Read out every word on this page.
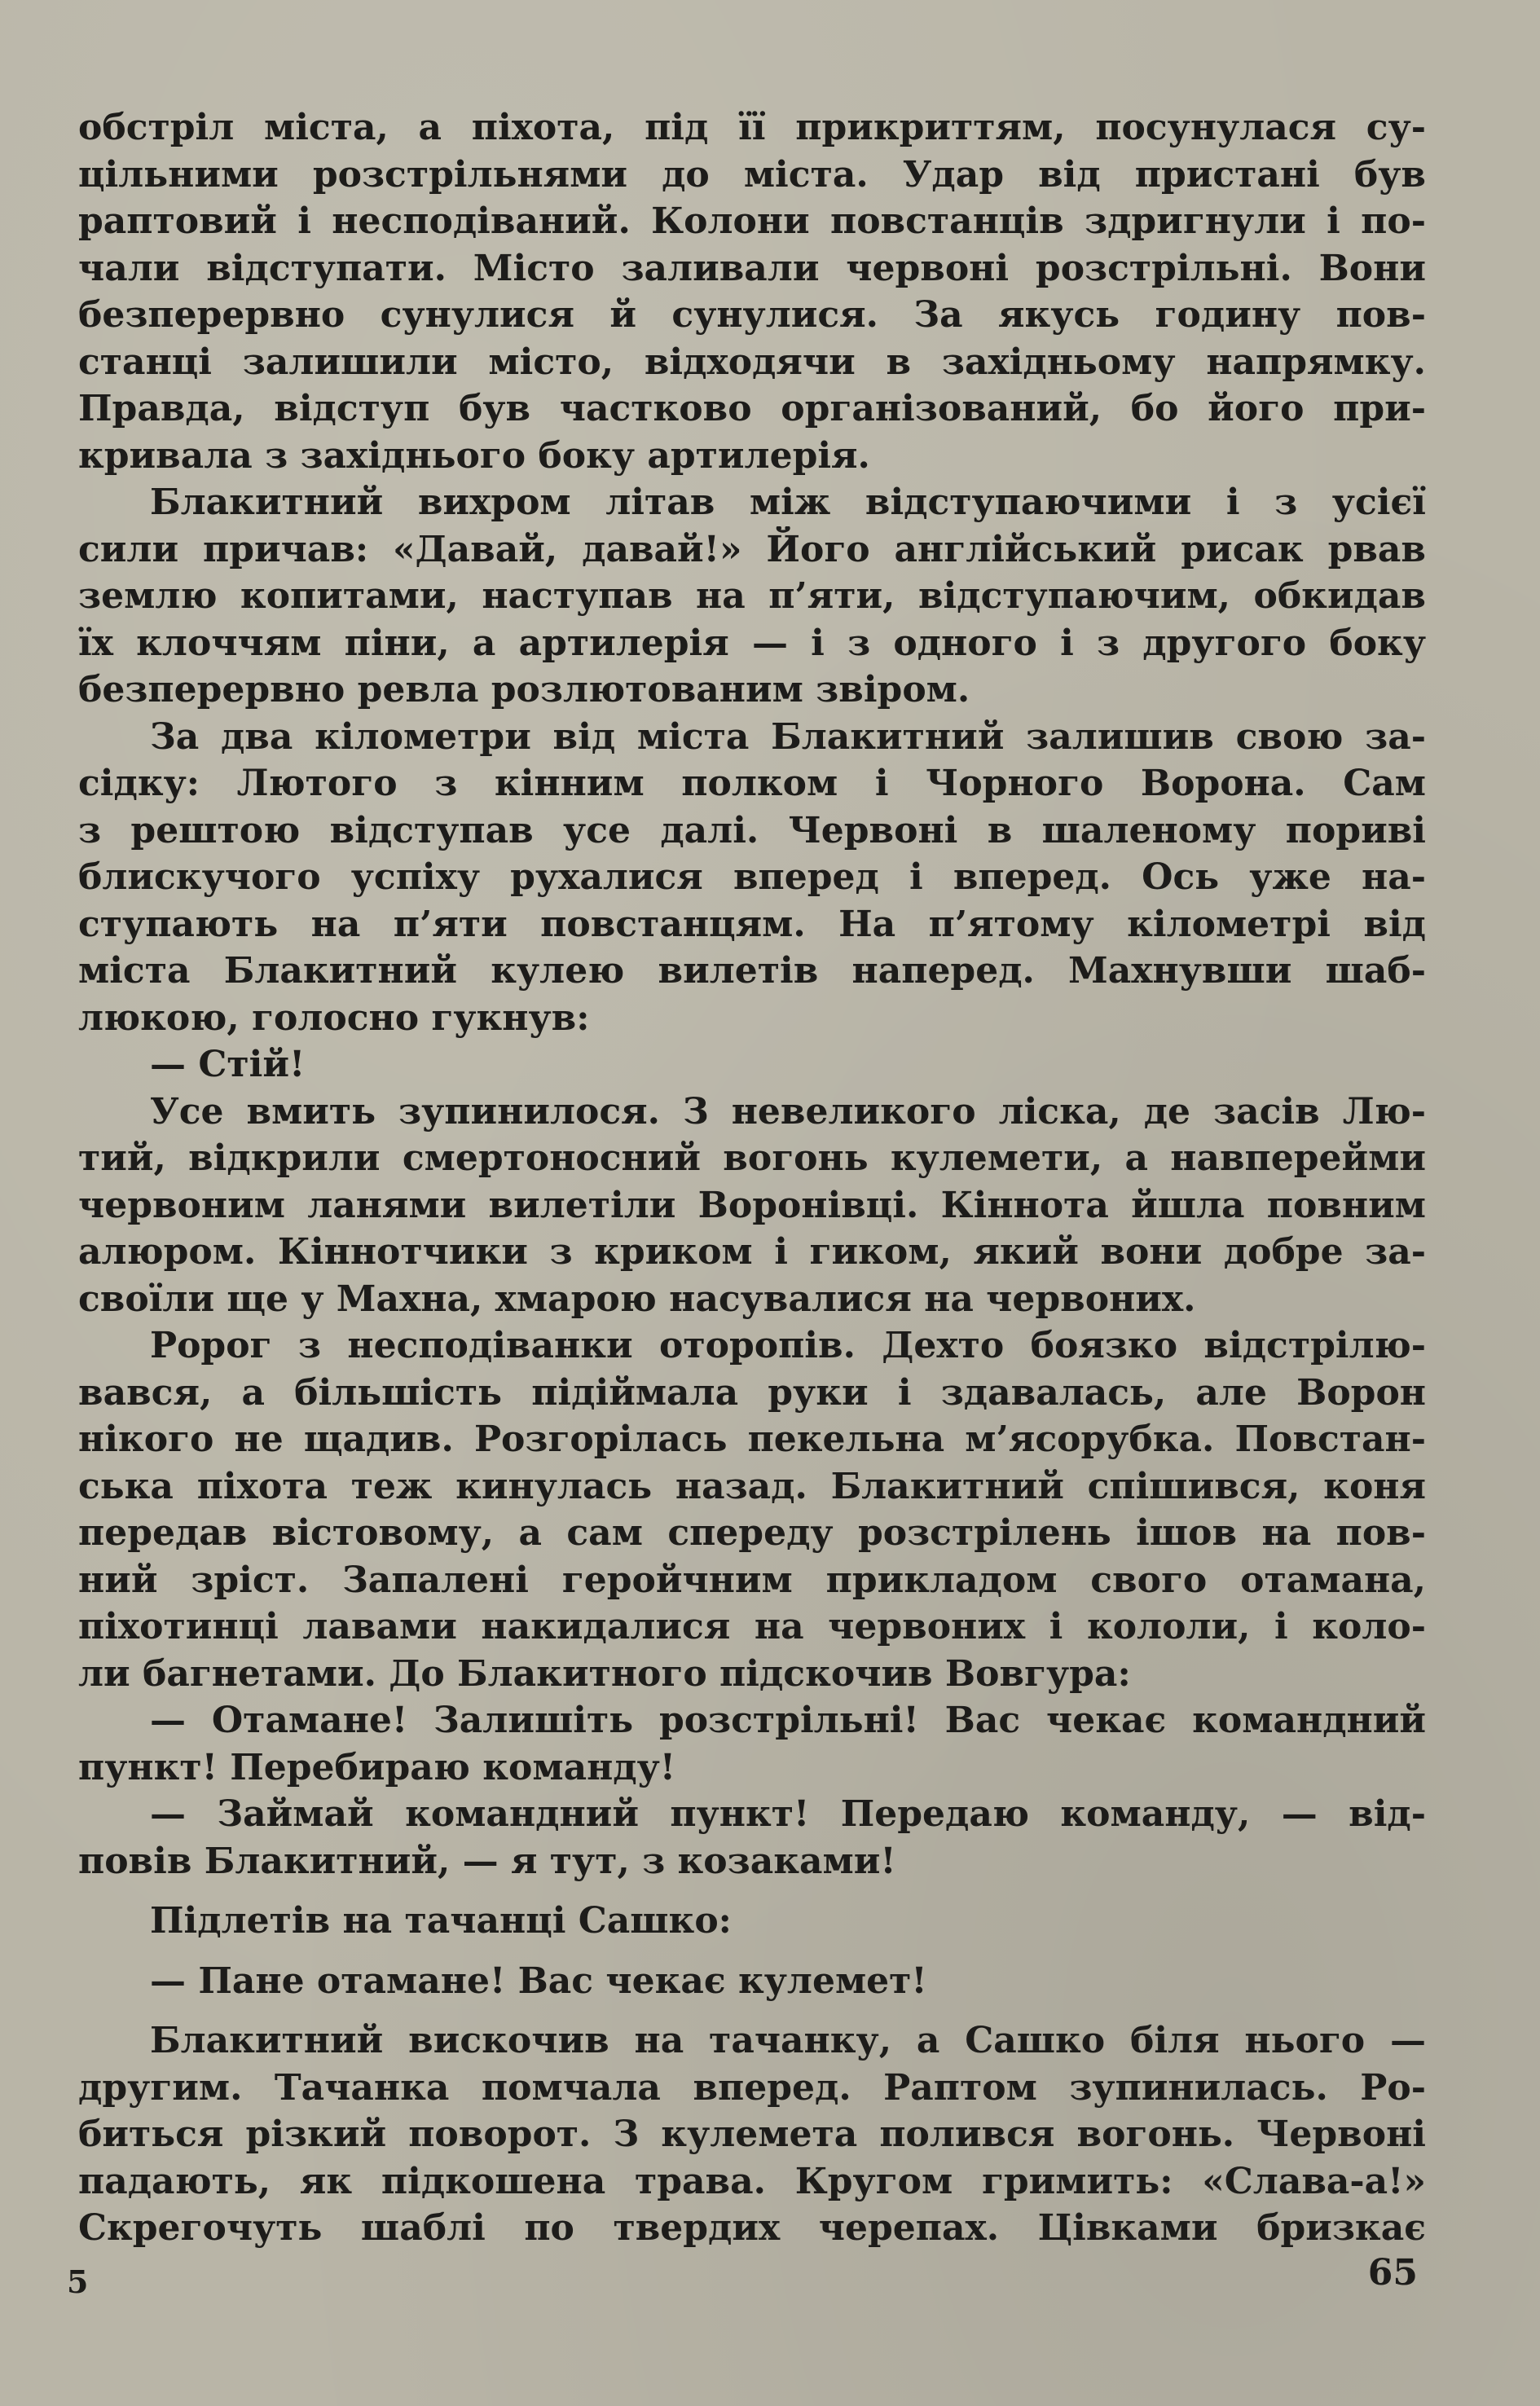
обстріл міста, а піхота, під її прикриттям, посунулася су-
цільними розстрільнями до міста. Удар від пристані був
раптовий і несподіваний. Колони повстанців здригнули і по-
чали відступати. Місто заливали червоні розстрільні. Вони
безперервно сунулися й сунулися. За якусь годину пов-
станці залишили місто, відходячи в західньому напрямку.
Правда, відступ був частково організований, бо його при-
кривала з західнього боку артилерія.
Блакитний вихром літав між відступаючими і з усієї
сили причав: «Давай, давай!» Його англійський рисак рвав
землю копитами, наступав на п’яти, відступаючим, обкидав
їх клоччям піни, а артилерія — і з одного і з другого боку
безперервно ревла розлютованим звіром.
За два кілометри від міста Блакитний залишив свою за-
сідку: Лютого з кінним полком і Чорного Ворона. Сам
з рештою відступав усе далі. Червоні в шаленому пориві
блискучого успіху рухалися вперед і вперед. Ось уже на-
ступають на п’яти повстанцям. На п’ятому кілометрі від
міста Блакитний кулею вилетів наперед. Махнувши шаб-
люкою, голосно гукнув:
— Стій!
Усе вмить зупинилося. З невеликого ліска, де засів Лю-
тий, відкрили смертоносний вогонь кулемети, а навперейми
червоним ланями вилетіли Воронівці. Кіннота йшла повним
алюром. Кіннотчики з криком і гиком, який вони добре за-
своїли ще у Махна, хмарою насувалися на червоних.
Ророг з несподіванки оторопів. Дехто боязко відстрілю-
вався, а більшість підіймала руки і здавалась, але Ворон
нікого не щадив. Розгорілась пекельна м’ясорубка. Повстан-
ська піхота теж кинулась назад. Блакитний спішився, коня
передав вістовому, а сам спереду розстрілень ішов на пов-
ний зріст. Запалені геройчним прикладом свого отамана,
піхотинці лавами накидалися на червоних і кололи, і коло-
ли багнетами. До Блакитного підскочив Вовгура:
— Отамане! Залишіть розстрільні! Вас чекає командний
пункт! Перебираю команду!
— Займай командний пункт! Передаю команду, — від-
повів Блакитний, — я тут, з козаками!
Підлетів на тачанці Сашко:
— Пане отамане! Вас чекає кулемет!
Блакитний вискочив на тачанку, а Сашко біля нього —
другим. Тачанка помчала вперед. Раптом зупинилась. Ро-
биться різкий поворот. З кулемета полився вогонь. Червоні
падають, як підкошена трава. Кругом гримить: «Слава-а!»
Скрегочуть шаблі по твердих черепах. Цівками бризкає
5	65
